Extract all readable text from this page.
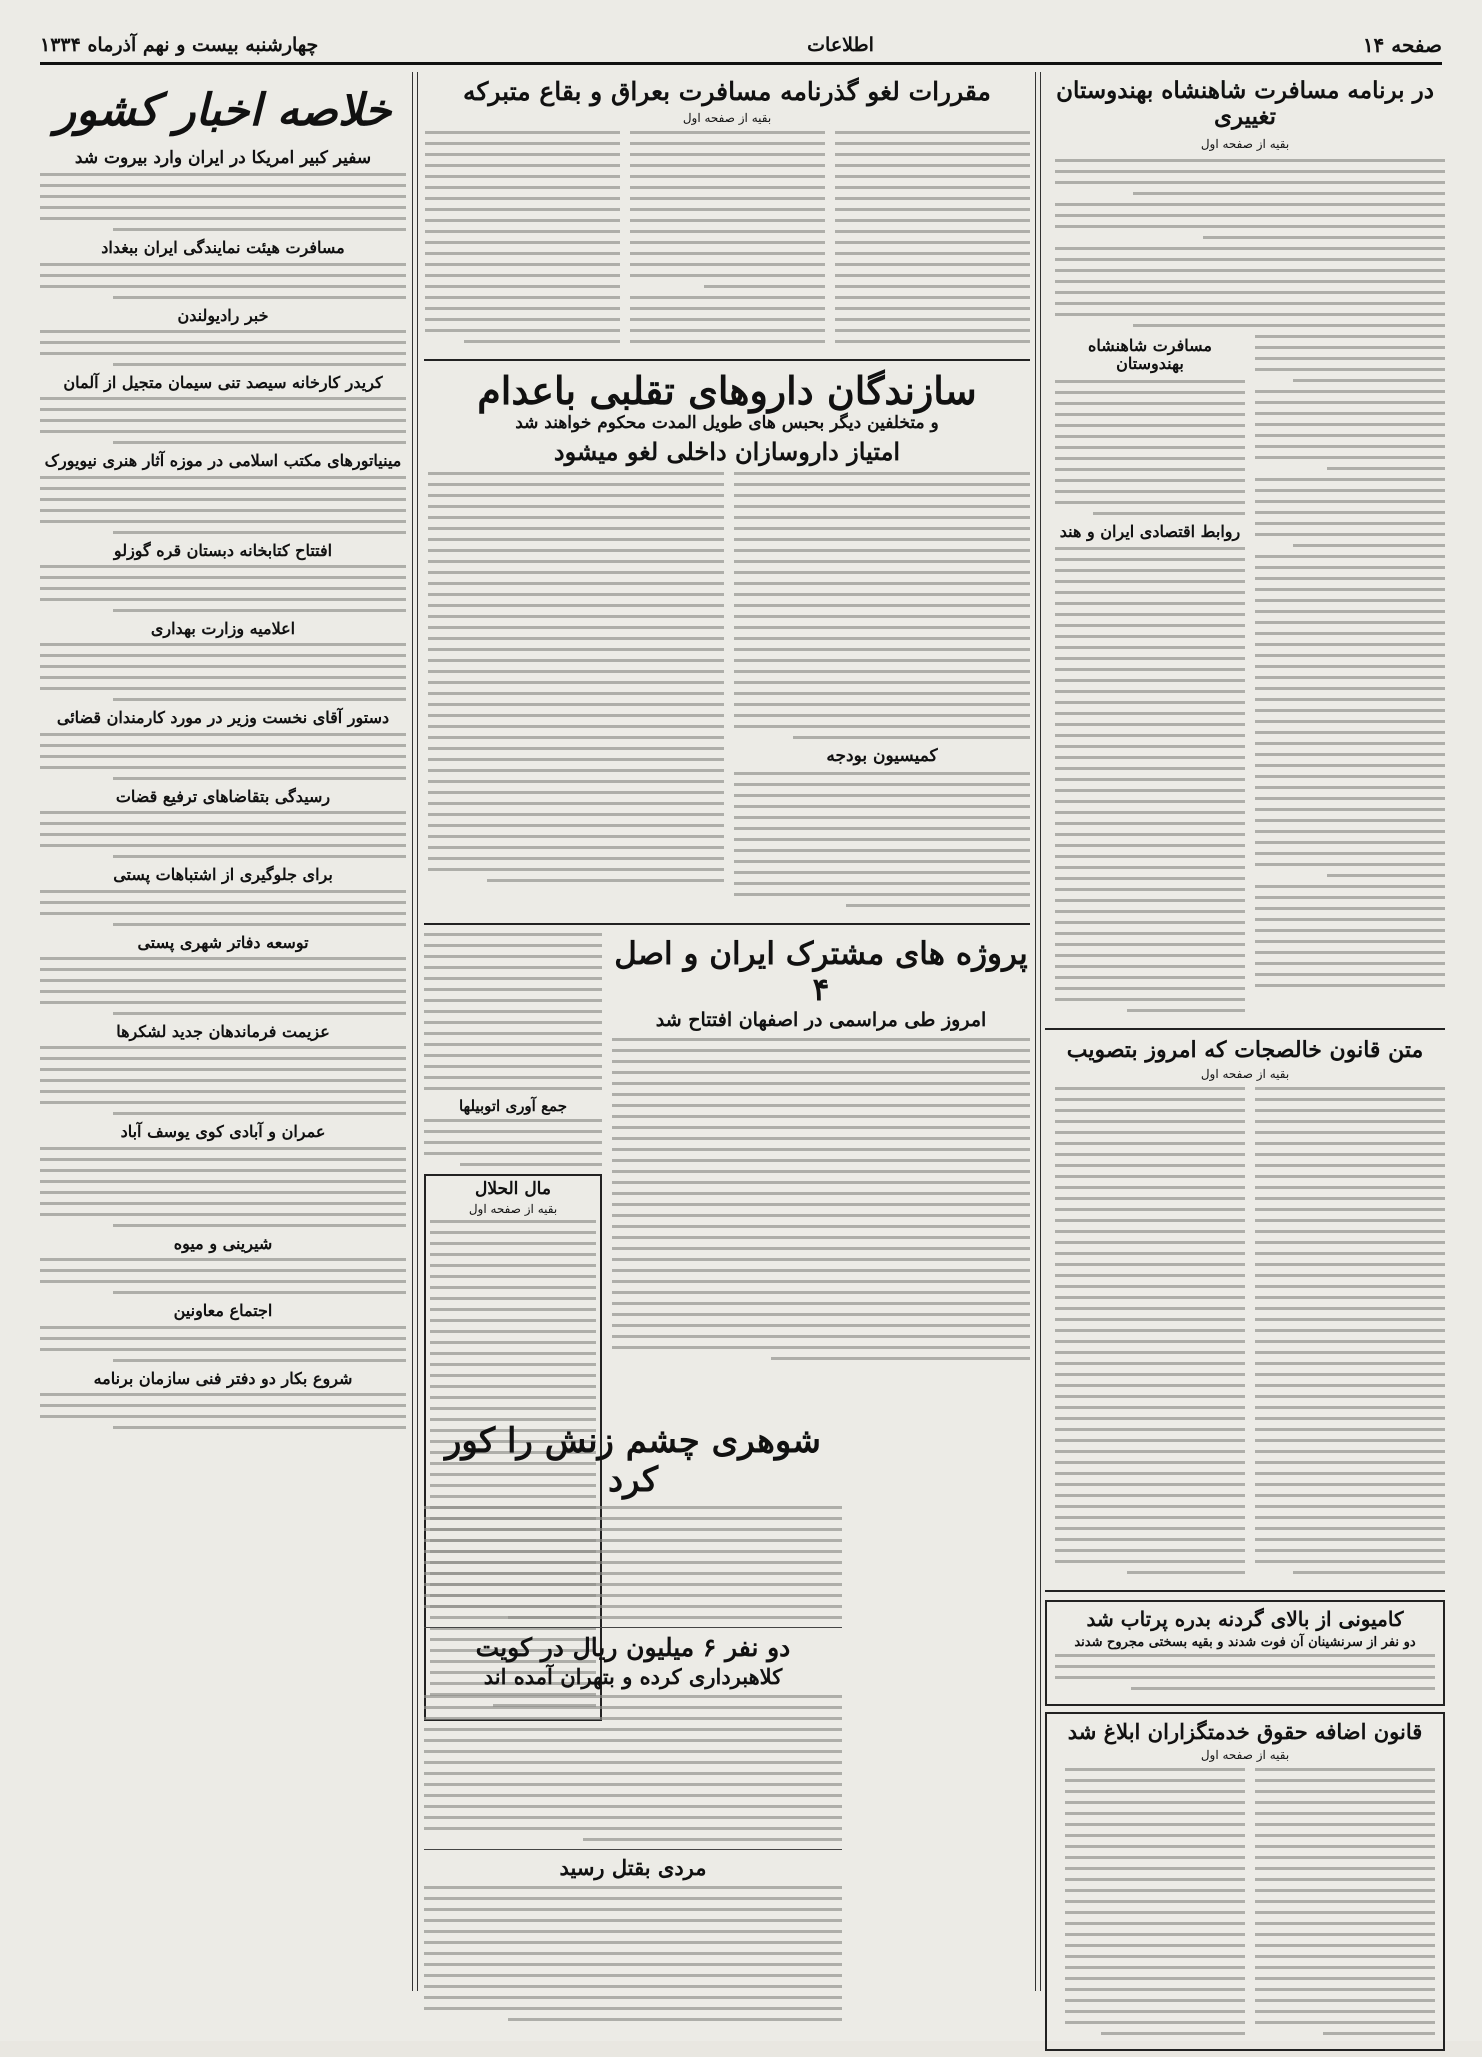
صفحه ۱۴
اطلاعات
چهارشنبه بیست و نهم آذرماه ۱۳۳۴
در برنامه مسافرت شاهنشاه بهندوستان تغییری
بقیه از صفحه اول
مسافرت شاهنشاه بهندوستان
روابط اقتصادی ایران و هند
متن قانون خالصجات که امروز بتصویب
بقیه از صفحه اول
کامیونی از بالای گردنه بدره پرتاب شد
دو نفر از سرنشینان آن فوت شدند و بقیه بسختی مجروح شدند
قانون اضافه حقوق خدمتگزاران ابلاغ شد
بقیه از صفحه اول
مقررات لغو گذرنامه مسافرت بعراق و بقاع متبرکه
بقیه از صفحه اول
سازندگان داروهای تقلبی باعدام
و متخلفین دیگر بحبس های طویل المدت محکوم خواهند شد
امتیاز داروسازان داخلی لغو میشود
کمیسیون بودجه
پروژه های مشترک ایران و اصل ۴
امروز طی مراسمی در اصفهان افتتاح شد
جمع آوری اتوبیلها
مال الحلال
بقیه از صفحه اول
شوهری چشم زنش را کور کرد
دو نفر ۶ میلیون ریال در کویت
کلاهبرداری کرده و بتهران آمده اند
مردی بقتل رسید
خلاصه اخبار کشور
سفیر کبیر امریکا در ایران وارد بیروت شد
مسافرت هیئت نمایندگی ایران ببغداد
خبر رادیولندن
کریدر کارخانه سیصد تنی سیمان متجیل از آلمان
مینیاتورهای مکتب اسلامی در موزه آثار هنری نیویورک
افتتاح کتابخانه دبستان قره گوزلو
اعلامیه وزارت بهداری
دستور آقای نخست وزیر در مورد کارمندان قضائی
رسیدگی بتقاضاهای ترفیع قضات
برای جلوگیری از اشتباهات پستی
توسعه دفاتر شهری پستی
عزیمت فرماندهان جدید لشکرها
عمران و آبادی کوی یوسف آباد
شیرینی و میوه
اجتماع معاونین
شروع بکار دو دفتر فنی سازمان برنامه
